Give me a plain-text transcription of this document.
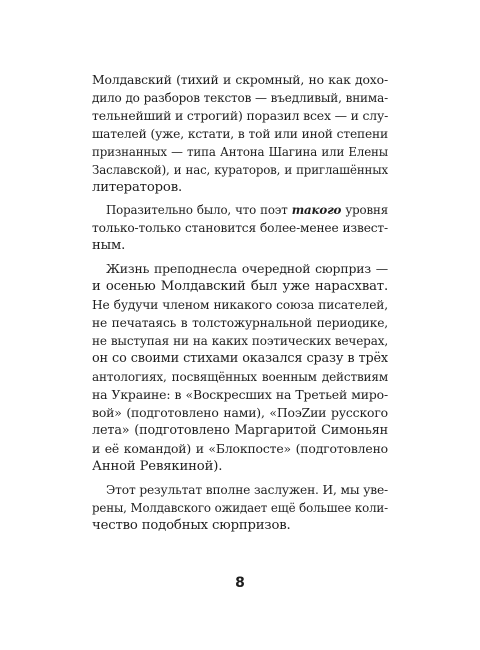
Молдавский (тихий и скромный, но как дохо-
дило до разборов текстов — въедливый, внима-
тельнейший и строгий) поразил всех — и слу-
шателей (уже, кстати, в той или иной степени
признанных — типа Антона Шагина или Елены
Заславской), и нас, кураторов, и приглашённых
литераторов.
Поразительно было, что поэт такого уровня
только-только становится более-менее извест-
ным.
Жизнь преподнесла очередной сюрприз —
и осенью Молдавский был уже нарасхват.
Не будучи членом никакого союза писателей,
не печатаясь в толстожурнальной периодике,
не выступая ни на каких поэтических вечерах,
он со своими стихами оказался сразу в трёх
антологиях, посвящённых военным действиям
на Украине: в «Воскресших на Третьей миро-
вой» (подготовлено нами), «ПоэZии русского
лета» (подготовлено Маргаритой Симоньян
и её командой) и «Блокпосте» (подготовлено
Анной Ревякиной).
Этот результат вполне заслужен. И, мы уве-
рены, Молдавского ожидает ещё большее коли-
чество подобных сюрпризов.
8
